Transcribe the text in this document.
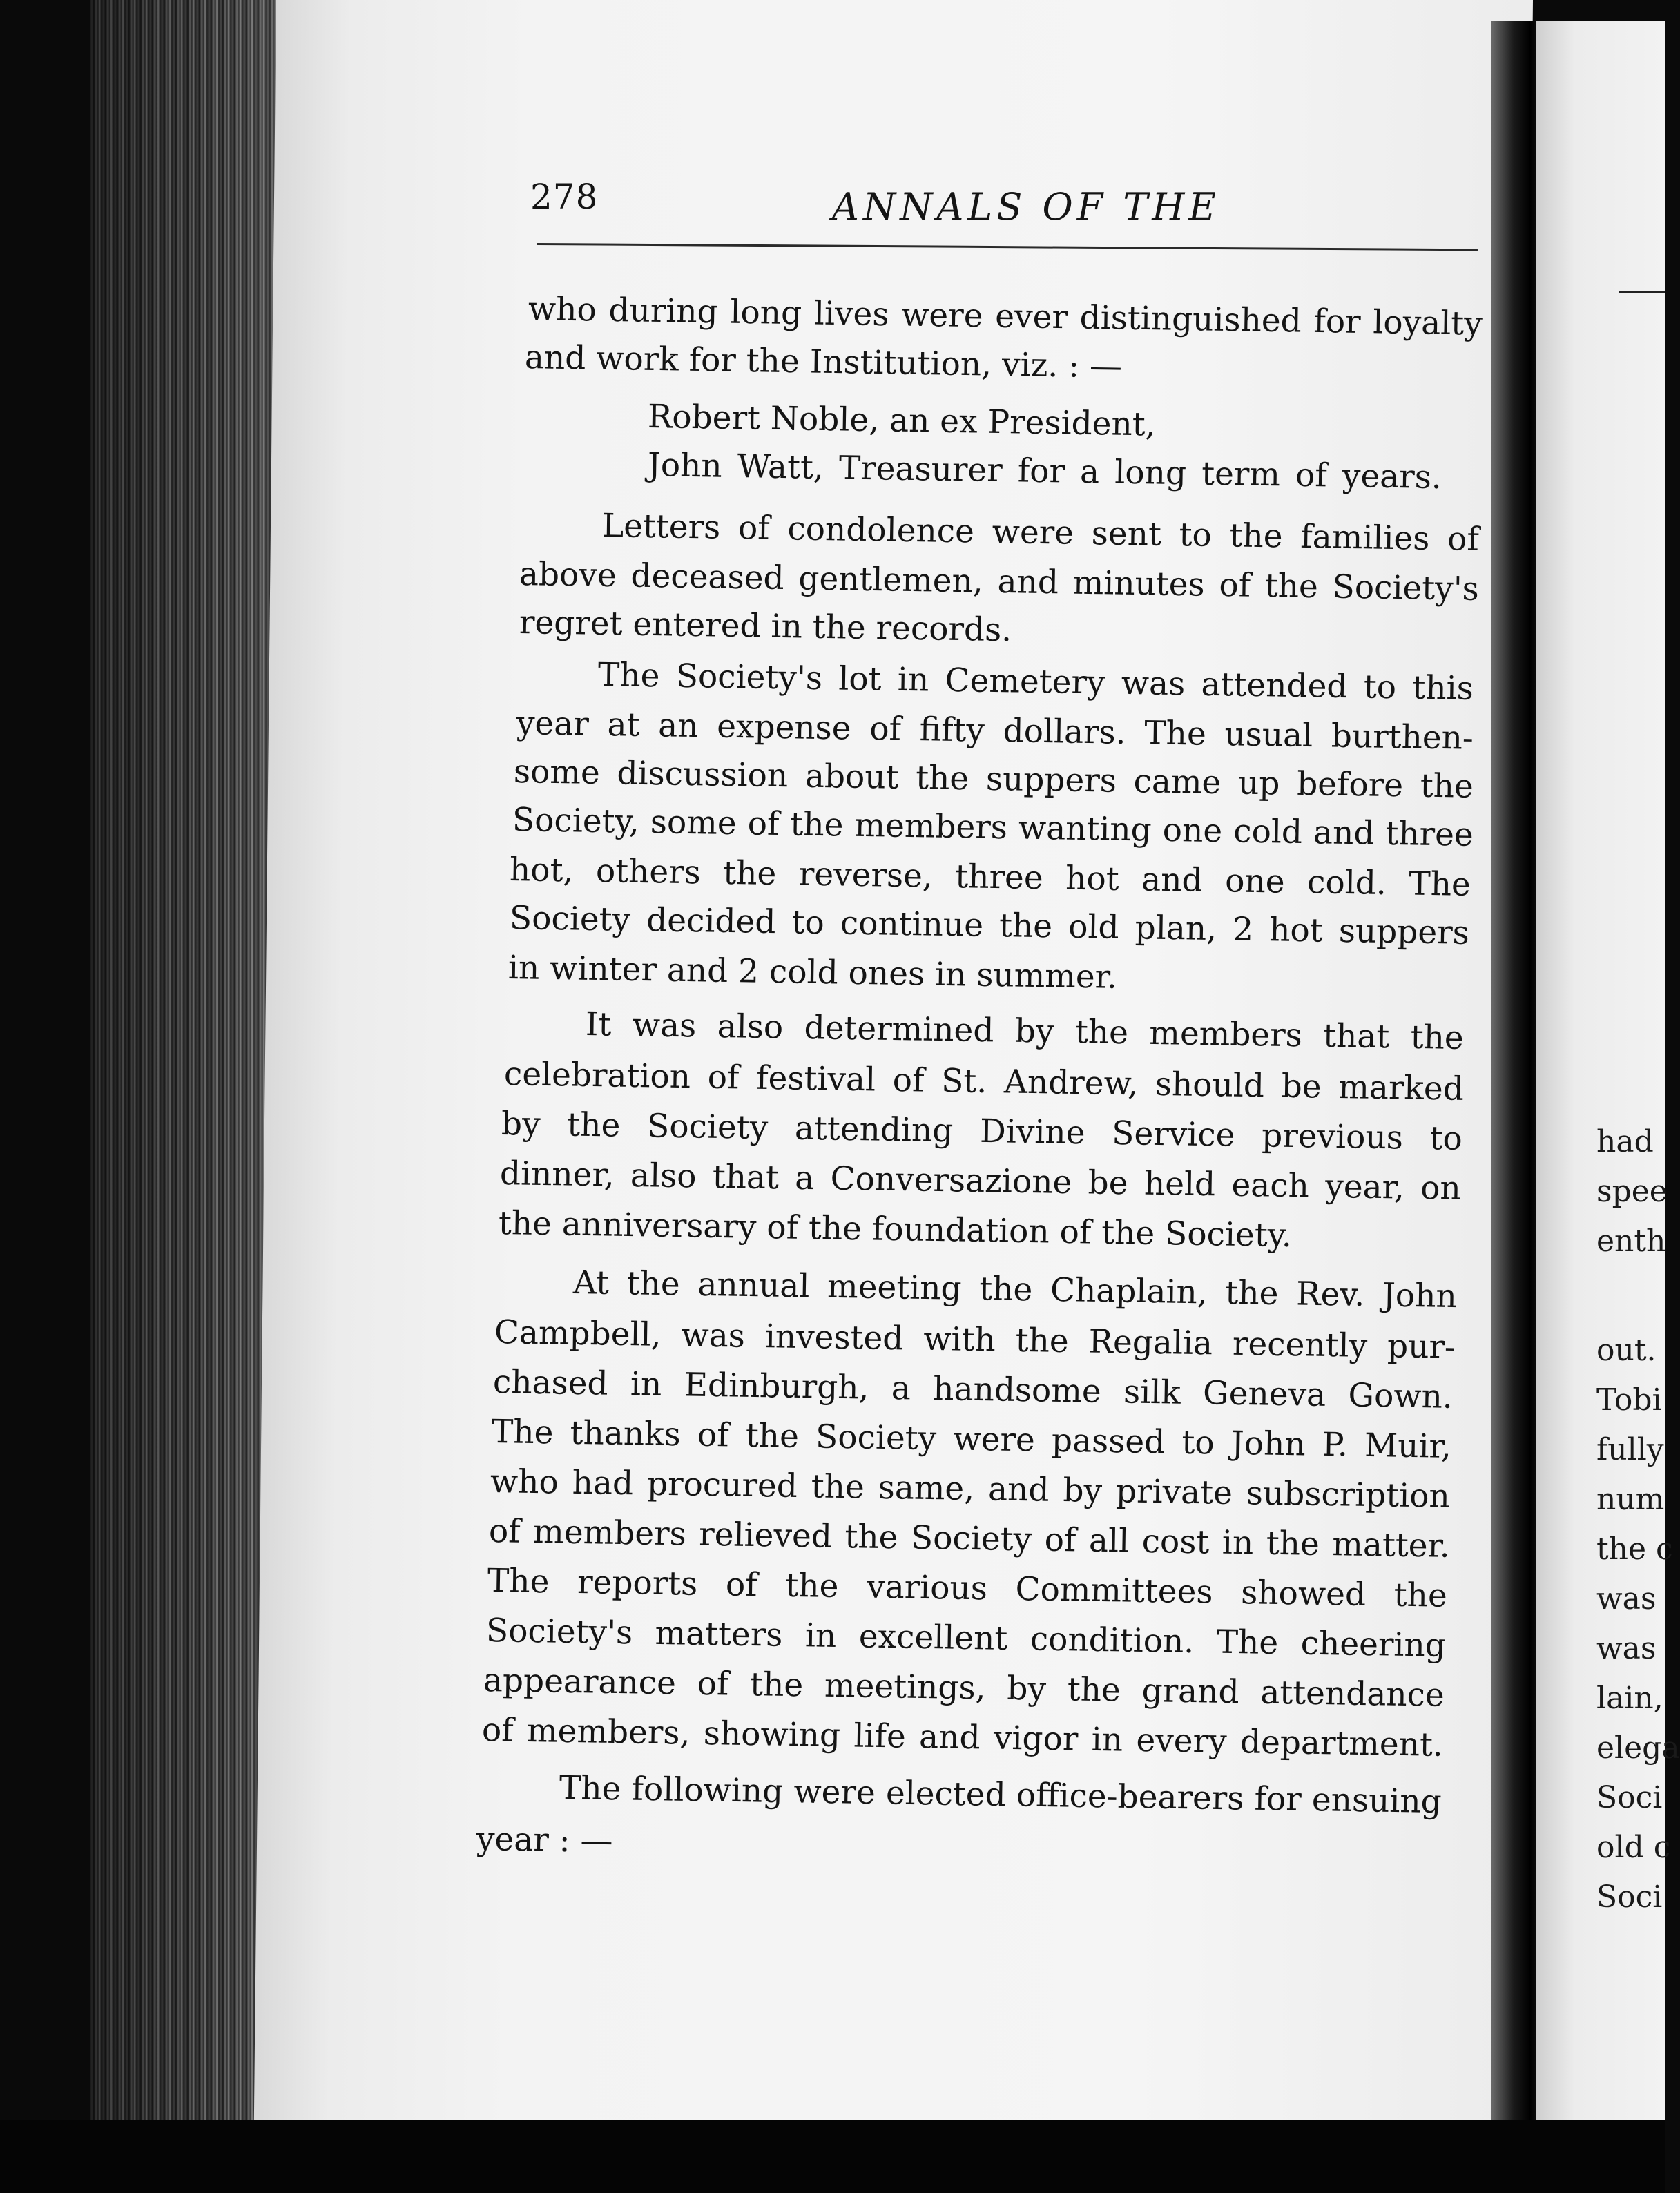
278	ANNALS OF THE
who during long lives were ever distinguished for loyalty
and work for the Institution, viz. : —
Robert Noble, an ex President,
John Watt, Treasurer for a long term of years.
Letters of condolence were sent to the families of
above deceased gentlemen, and minutes of the Society's
regret entered in the records.
The Society's lot in Cemetery was attended to this
year at an expense of fifty dollars. The usual burthen-
some discussion about the suppers came up before the
Society, some of the members wanting one cold and three
hot, others the reverse, three hot and one cold. The
Society decided to continue the old plan, 2 hot suppers
in winter and 2 cold ones in summer.
It was also determined by the members that the
celebration of festival of St. Andrew, should be marked
by the Society attending Divine Service previous to
dinner, also that a Conversazione be held each year, on
the anniversary of the foundation of the Society.
At the annual meeting the Chaplain, the Rev. John
Campbell, was invested with the Regalia recently pur-
chased in Edinburgh, a handsome silk Geneva Gown.
The thanks of the Society were passed to John P. Muir,
who had procured the same, and by private subscription
of members relieved the Society of all cost in the matter.
The reports of the various Committees showed the
Society's matters in excellent condition. The cheering
appearance of the meetings, by the grand attendance
of members, showing life and vigor in every department.
The following were elected office-bearers for ensuing
year : —
had
spee
enth
out.
Tobi
fully
num
the c
was
was
lain,
elega
Soci
old c
Soci
